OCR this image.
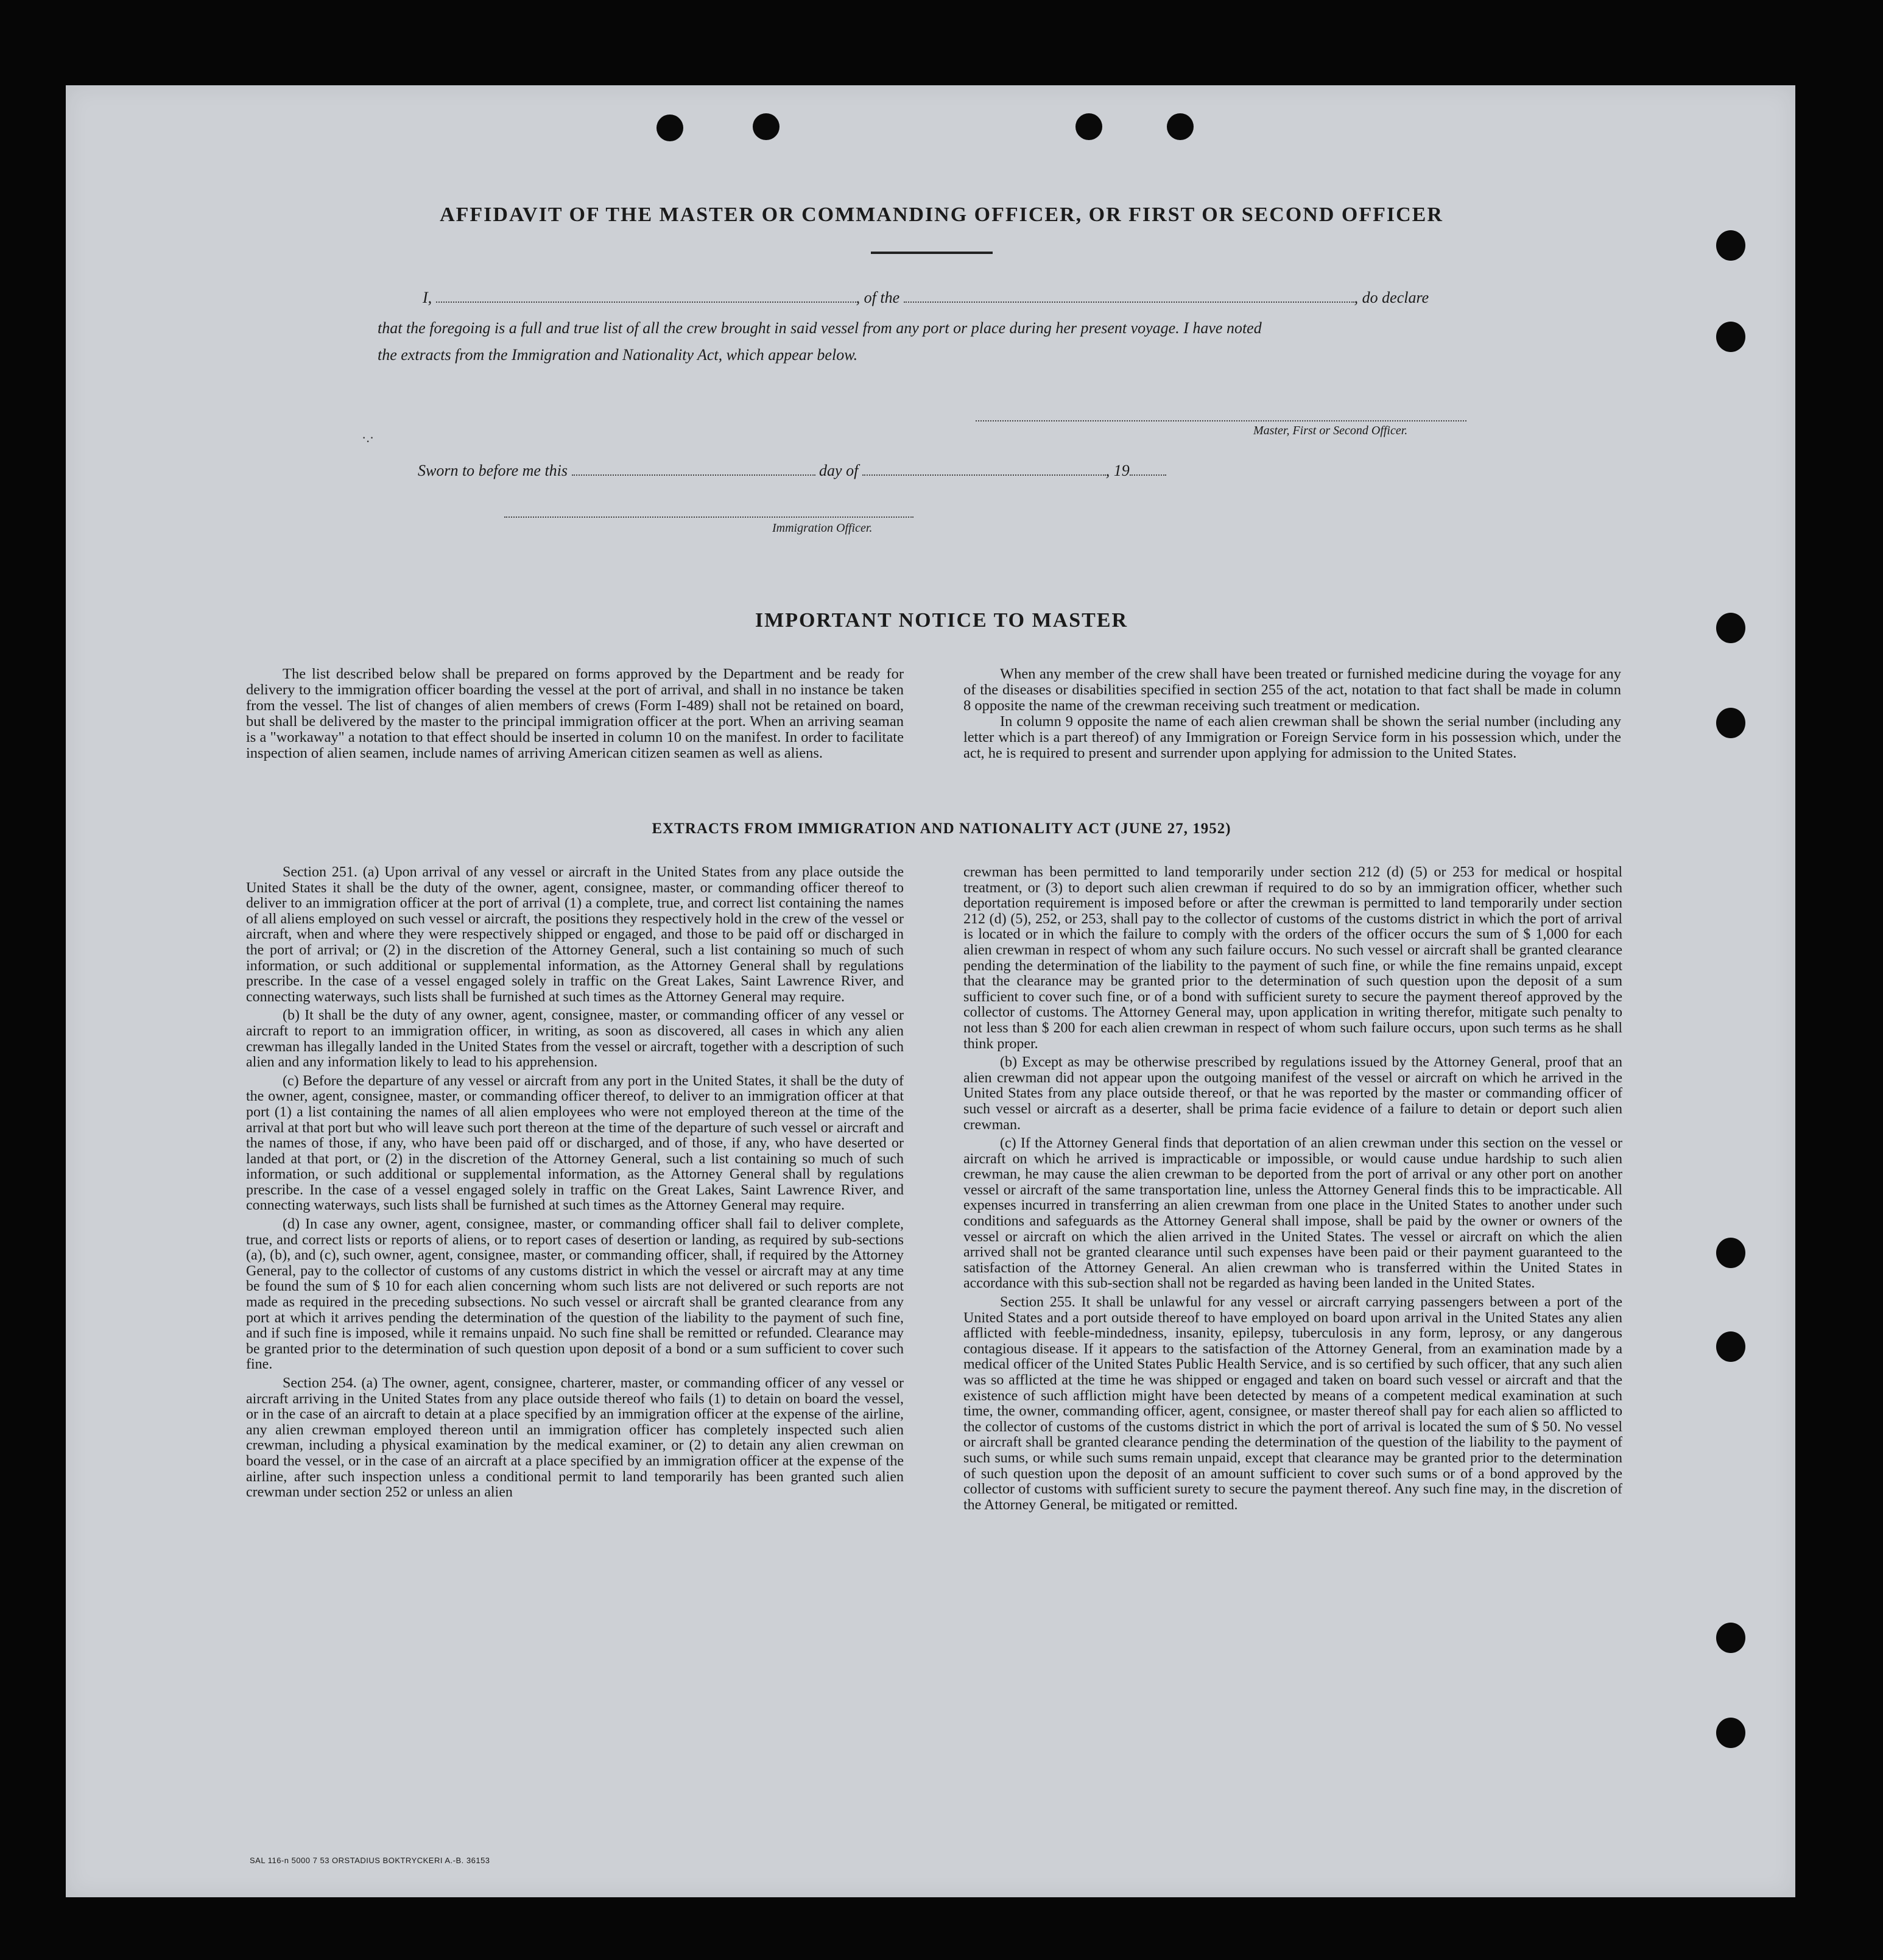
AFFIDAVIT OF THE MASTER OR COMMANDING OFFICER, OR FIRST OR SECOND OFFICER
I,	, of the	, do declare
that the foregoing is a full and true list of all the crew brought in said vessel from any port or place during her present voyage. I have noted
the extracts from the Immigration and Nationality Act, which appear below.
Master, First or Second Officer.
Sworn to before me this	day of	, 19
Immigration Officer.
·.·
IMPORTANT NOTICE TO MASTER

The list described below shall be prepared on forms approved by the Department and be ready for delivery to the immigration officer boarding the vessel at the port of arrival, and shall in no instance be taken from the vessel. The list of changes of alien members of crews (Form I-489) shall not be retained on board, but shall be delivered by the master to the principal immigration officer at the port. When an arriving seaman is a "workaway" a notation to that effect should be inserted in column 10 on the manifest. In order to facilitate inspection of alien seamen, include names of arriving American citizen seamen as well as aliens.

When any member of the crew shall have been treated or furnished medicine during the voyage for any of the diseases or disabilities specified in section 255 of the act, notation to that fact shall be made in column 8 opposite the name of the crewman receiving such treatment or medication.

In column 9 opposite the name of each alien crewman shall be shown the serial number (including any letter which is a part thereof) of any Immigration or Foreign Service form in his possession which, under the act, he is required to present and surrender upon applying for admission to the United States.

EXTRACTS FROM IMMIGRATION AND NATIONALITY ACT (JUNE 27, 1952)

Section 251. (a) Upon arrival of any vessel or aircraft in the United States from any place outside the United States it shall be the duty of the owner, agent, consignee, master, or commanding officer thereof to deliver to an immigration officer at the port of arrival (1) a complete, true, and correct list containing the names of all aliens employed on such vessel or aircraft, the positions they respectively hold in the crew of the vessel or aircraft, when and where they were respectively shipped or engaged, and those to be paid off or discharged in the port of arrival; or (2) in the discretion of the Attorney General, such a list containing so much of such information, or such additional or supplemental information, as the Attorney General shall by regulations prescribe. In the case of a vessel engaged solely in traffic on the Great Lakes, Saint Lawrence River, and connecting waterways, such lists shall be furnished at such times as the Attorney General may require.

(b) It shall be the duty of any owner, agent, consignee, master, or commanding officer of any vessel or aircraft to report to an immigration officer, in writing, as soon as discovered, all cases in which any alien crewman has illegally landed in the United States from the vessel or aircraft, together with a description of such alien and any information likely to lead to his apprehension.

(c) Before the departure of any vessel or aircraft from any port in the United States, it shall be the duty of the owner, agent, consignee, master, or commanding officer thereof, to deliver to an immigration officer at that port (1) a list containing the names of all alien employees who were not employed thereon at the time of the arrival at that port but who will leave such port thereon at the time of the departure of such vessel or aircraft and the names of those, if any, who have been paid off or discharged, and of those, if any, who have deserted or landed at that port, or (2) in the discretion of the Attorney General, such a list containing so much of such information, or such additional or supplemental information, as the Attorney General shall by regulations prescribe. In the case of a vessel engaged solely in traffic on the Great Lakes, Saint Lawrence River, and connecting waterways, such lists shall be furnished at such times as the Attorney General may require.

(d) In case any owner, agent, consignee, master, or commanding officer shall fail to deliver complete, true, and correct lists or reports of aliens, or to report cases of desertion or landing, as required by sub-sections (a), (b), and (c), such owner, agent, consignee, master, or commanding officer, shall, if required by the Attorney General, pay to the collector of customs of any customs district in which the vessel or aircraft may at any time be found the sum of $ 10 for each alien concerning whom such lists are not delivered or such reports are not made as required in the preceding subsections. No such vessel or aircraft shall be granted clearance from any port at which it arrives pending the determination of the question of the liability to the payment of such fine, and if such fine is imposed, while it remains unpaid. No such fine shall be remitted or refunded. Clearance may be granted prior to the determination of such question upon deposit of a bond or a sum sufficient to cover such fine.

Section 254. (a) The owner, agent, consignee, charterer, master, or commanding officer of any vessel or aircraft arriving in the United States from any place outside thereof who fails (1) to detain on board the vessel, or in the case of an aircraft to detain at a place specified by an immigration officer at the expense of the airline, any alien crewman employed thereon until an immigration officer has completely inspected such alien crewman, including a physical examination by the medical examiner, or (2) to detain any alien crewman on board the vessel, or in the case of an aircraft at a place specified by an immigration officer at the expense of the airline, after such inspection unless a conditional permit to land temporarily has been granted such alien crewman under section 252 or unless an alien

crewman has been permitted to land temporarily under section 212 (d) (5) or 253 for medical or hospital treatment, or (3) to deport such alien crewman if required to do so by an immigration officer, whether such deportation requirement is imposed before or after the crewman is permitted to land temporarily under section 212 (d) (5), 252, or 253, shall pay to the collector of customs of the customs district in which the port of arrival is located or in which the failure to comply with the orders of the officer occurs the sum of $ 1,000 for each alien crewman in respect of whom any such failure occurs. No such vessel or aircraft shall be granted clearance pending the determination of the liability to the payment of such fine, or while the fine remains unpaid, except that the clearance may be granted prior to the determination of such question upon the deposit of a sum sufficient to cover such fine, or of a bond with sufficient surety to secure the payment thereof approved by the collector of customs. The Attorney General may, upon application in writing therefor, mitigate such penalty to not less than $ 200 for each alien crewman in respect of whom such failure occurs, upon such terms as he shall think proper.

(b) Except as may be otherwise prescribed by regulations issued by the Attorney General, proof that an alien crewman did not appear upon the outgoing manifest of the vessel or aircraft on which he arrived in the United States from any place outside thereof, or that he was reported by the master or commanding officer of such vessel or aircraft as a deserter, shall be prima facie evidence of a failure to detain or deport such alien crewman.

(c) If the Attorney General finds that deportation of an alien crewman under this section on the vessel or aircraft on which he arrived is impracticable or impossible, or would cause undue hardship to such alien crewman, he may cause the alien crewman to be deported from the port of arrival or any other port on another vessel or aircraft of the same transportation line, unless the Attorney General finds this to be impracticable. All expenses incurred in transferring an alien crewman from one place in the United States to another under such conditions and safeguards as the Attorney General shall impose, shall be paid by the owner or owners of the vessel or aircraft on which the alien arrived in the United States. The vessel or aircraft on which the alien arrived shall not be granted clearance until such expenses have been paid or their payment guaranteed to the satisfaction of the Attorney General. An alien crewman who is transferred within the United States in accordance with this sub-section shall not be regarded as having been landed in the United States.

Section 255. It shall be unlawful for any vessel or aircraft carrying passengers between a port of the United States and a port outside thereof to have employed on board upon arrival in the United States any alien afflicted with feeble-mindedness, insanity, epilepsy, tuberculosis in any form, leprosy, or any dangerous contagious disease. If it appears to the satisfaction of the Attorney General, from an examination made by a medical officer of the United States Public Health Service, and is so certified by such officer, that any such alien was so afflicted at the time he was shipped or engaged and taken on board such vessel or aircraft and that the existence of such affliction might have been detected by means of a competent medical examination at such time, the owner, commanding officer, agent, consignee, or master thereof shall pay for each alien so afflicted to the collector of customs of the customs district in which the port of arrival is located the sum of $ 50. No vessel or aircraft shall be granted clearance pending the determination of the question of the liability to the payment of such sums, or while such sums remain unpaid, except that clearance may be granted prior to the determination of such question upon the deposit of an amount sufficient to cover such sums or of a bond approved by the collector of customs with sufficient surety to secure the payment thereof. Any such fine may, in the discretion of the Attorney General, be mitigated or remitted.

SAL 116-n 5000 7 53 ORSTADIUS BOKTRYCKERI A.-B. 36153
